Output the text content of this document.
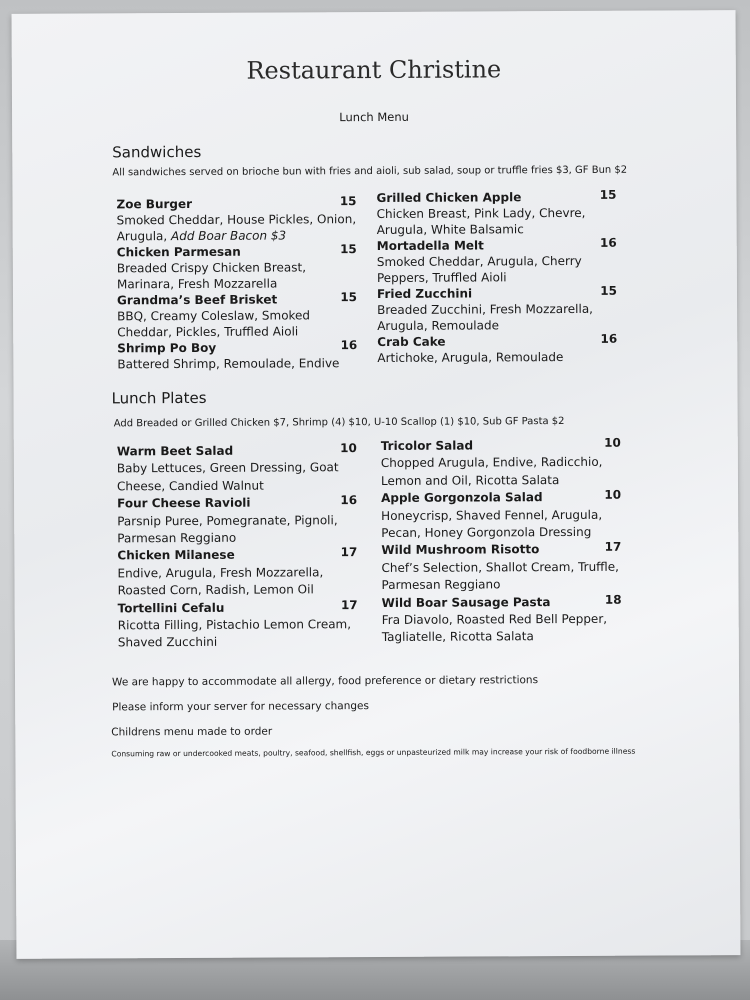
Restaurant Christine
Lunch Menu
Sandwiches
All sandwiches served on brioche bun with fries and aioli, sub salad, soup or truffle fries $3, GF Bun $2
Zoe Burger	15
Smoked Cheddar, House Pickles, Onion, Arugula, Add Boar Bacon $3
Chicken Parmesan	15
Breaded Crispy Chicken Breast, Marinara, Fresh Mozzarella
Grandma’s Beef Brisket	15
BBQ, Creamy Coleslaw, Smoked Cheddar, Pickles, Truffled Aioli
Shrimp Po Boy	16
Battered Shrimp, Remoulade, Endive
Grilled Chicken Apple	15
Chicken Breast, Pink Lady, Chevre, Arugula, White Balsamic
Mortadella Melt	16
Smoked Cheddar, Arugula, Cherry Peppers, Truffled Aioli
Fried Zucchini	15
Breaded Zucchini, Fresh Mozzarella, Arugula, Remoulade
Crab Cake	16
Artichoke, Arugula, Remoulade
Lunch Plates
Add Breaded or Grilled Chicken $7, Shrimp (4) $10, U-10 Scallop (1) $10, Sub GF Pasta $2
Warm Beet Salad	10
Baby Lettuces, Green Dressing, Goat Cheese, Candied Walnut
Four Cheese Ravioli	16
Parsnip Puree, Pomegranate, Pignoli, Parmesan Reggiano
Chicken Milanese	17
Endive, Arugula, Fresh Mozzarella, Roasted Corn, Radish, Lemon Oil
Tortellini Cefalu	17
Ricotta Filling, Pistachio Lemon Cream, Shaved Zucchini
Tricolor Salad	10
Chopped Arugula, Endive, Radicchio, Lemon and Oil, Ricotta Salata
Apple Gorgonzola Salad	10
Honeycrisp, Shaved Fennel, Arugula, Pecan, Honey Gorgonzola Dressing
Wild Mushroom Risotto	17
Chef’s Selection, Shallot Cream, Truffle, Parmesan Reggiano
Wild Boar Sausage Pasta	18
Fra Diavolo, Roasted Red Bell Pepper, Tagliatelle, Ricotta Salata
We are happy to accommodate all allergy, food preference or dietary restrictions
Please inform your server for necessary changes
Childrens menu made to order
Consuming raw or undercooked meats, poultry, seafood, shellfish, eggs or unpasteurized milk may increase your risk of foodborne illness
